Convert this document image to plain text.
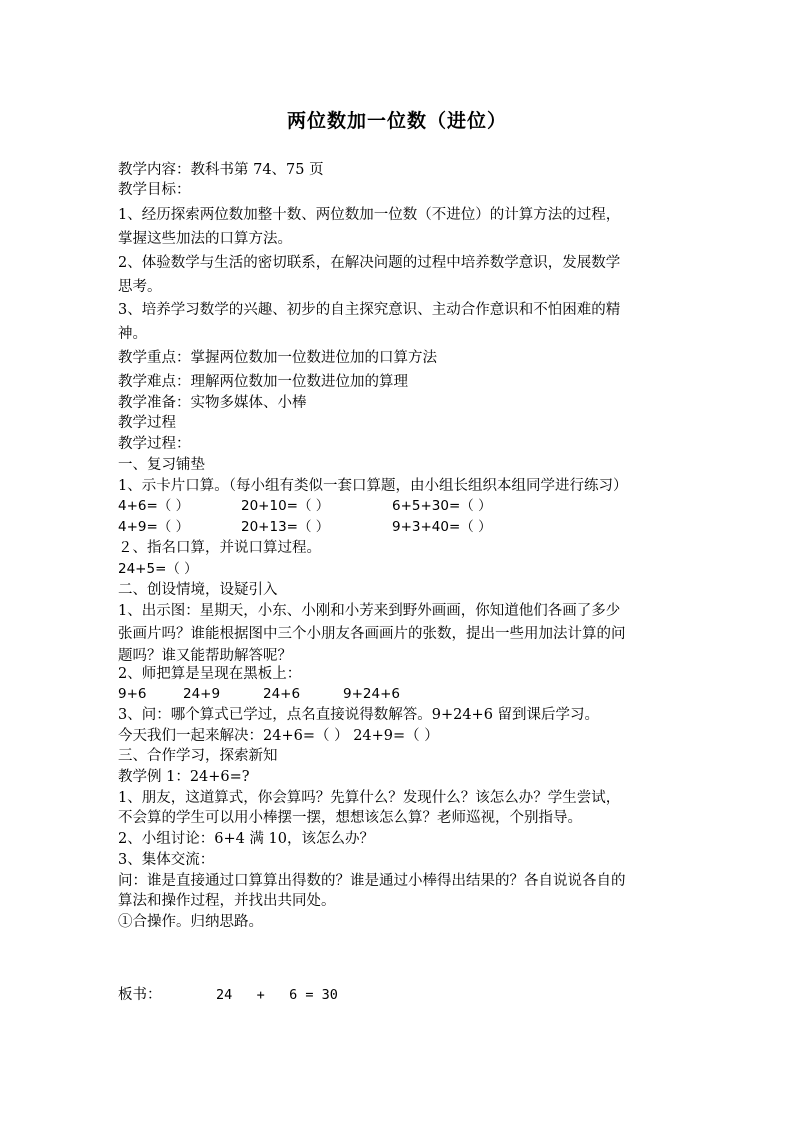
两位数加一位数（进位）
教学内容：教科书第 74、75 页
教学目标：
1、经历探索两位数加整十数、两位数加一位数（不进位）的计算方法的过程，
掌握这些加法的口算方法。
2、体验数学与生活的密切联系，在解决问题的过程中培养数学意识，发展数学
思考。
3、培养学习数学的兴趣、初步的自主探究意识、主动合作意识和不怕困难的精
神。
教学重点：掌握两位数加一位数进位加的口算方法
教学难点：理解两位数加一位数进位加的算理
教学准备：实物多媒体、小棒
教学过程
教学过程：
一、复习铺垫
1、示卡片口算。（每小组有类似一套口算题，由小组长组织本组同学进行练习）
4+6=（ ）	20+10=（ ）	6+5+30=（ ）
4+9=（ ）	20+13=（ ）	9+3+40=（ ）
２、指名口算，并说口算过程。
24+5=（ ）
二、创设情境，设疑引入
1、出示图：星期天，小东、小刚和小芳来到野外画画，你知道他们各画了多少
张画片吗？谁能根据图中三个小朋友各画画片的张数，提出一些用加法计算的问
题吗？谁又能帮助解答呢？
2、师把算是呈现在黑板上：
9+6	24+9	24+6	9+24+6
3、问：哪个算式已学过，点名直接说得数解答。9+24+6 留到课后学习。
今天我们一起来解决：24+6=（ ） 24+9=（ ）
三、合作学习，探索新知
教学例 1：24+6=?
1、朋友，这道算式，你会算吗？先算什么？发现什么？该怎么办？学生尝试，
不会算的学生可以用小棒摆一摆，想想该怎么算？老师巡视，个别指导。
2、小组讨论：6+4 满 10，该怎么办？
3、集体交流：
问：谁是直接通过口算算出得数的？谁是通过小棒得出结果的？各自说说各自的
算法和操作过程，并找出共同处。
①合操作。归纳思路。
板书：	24   +   6 = 30
